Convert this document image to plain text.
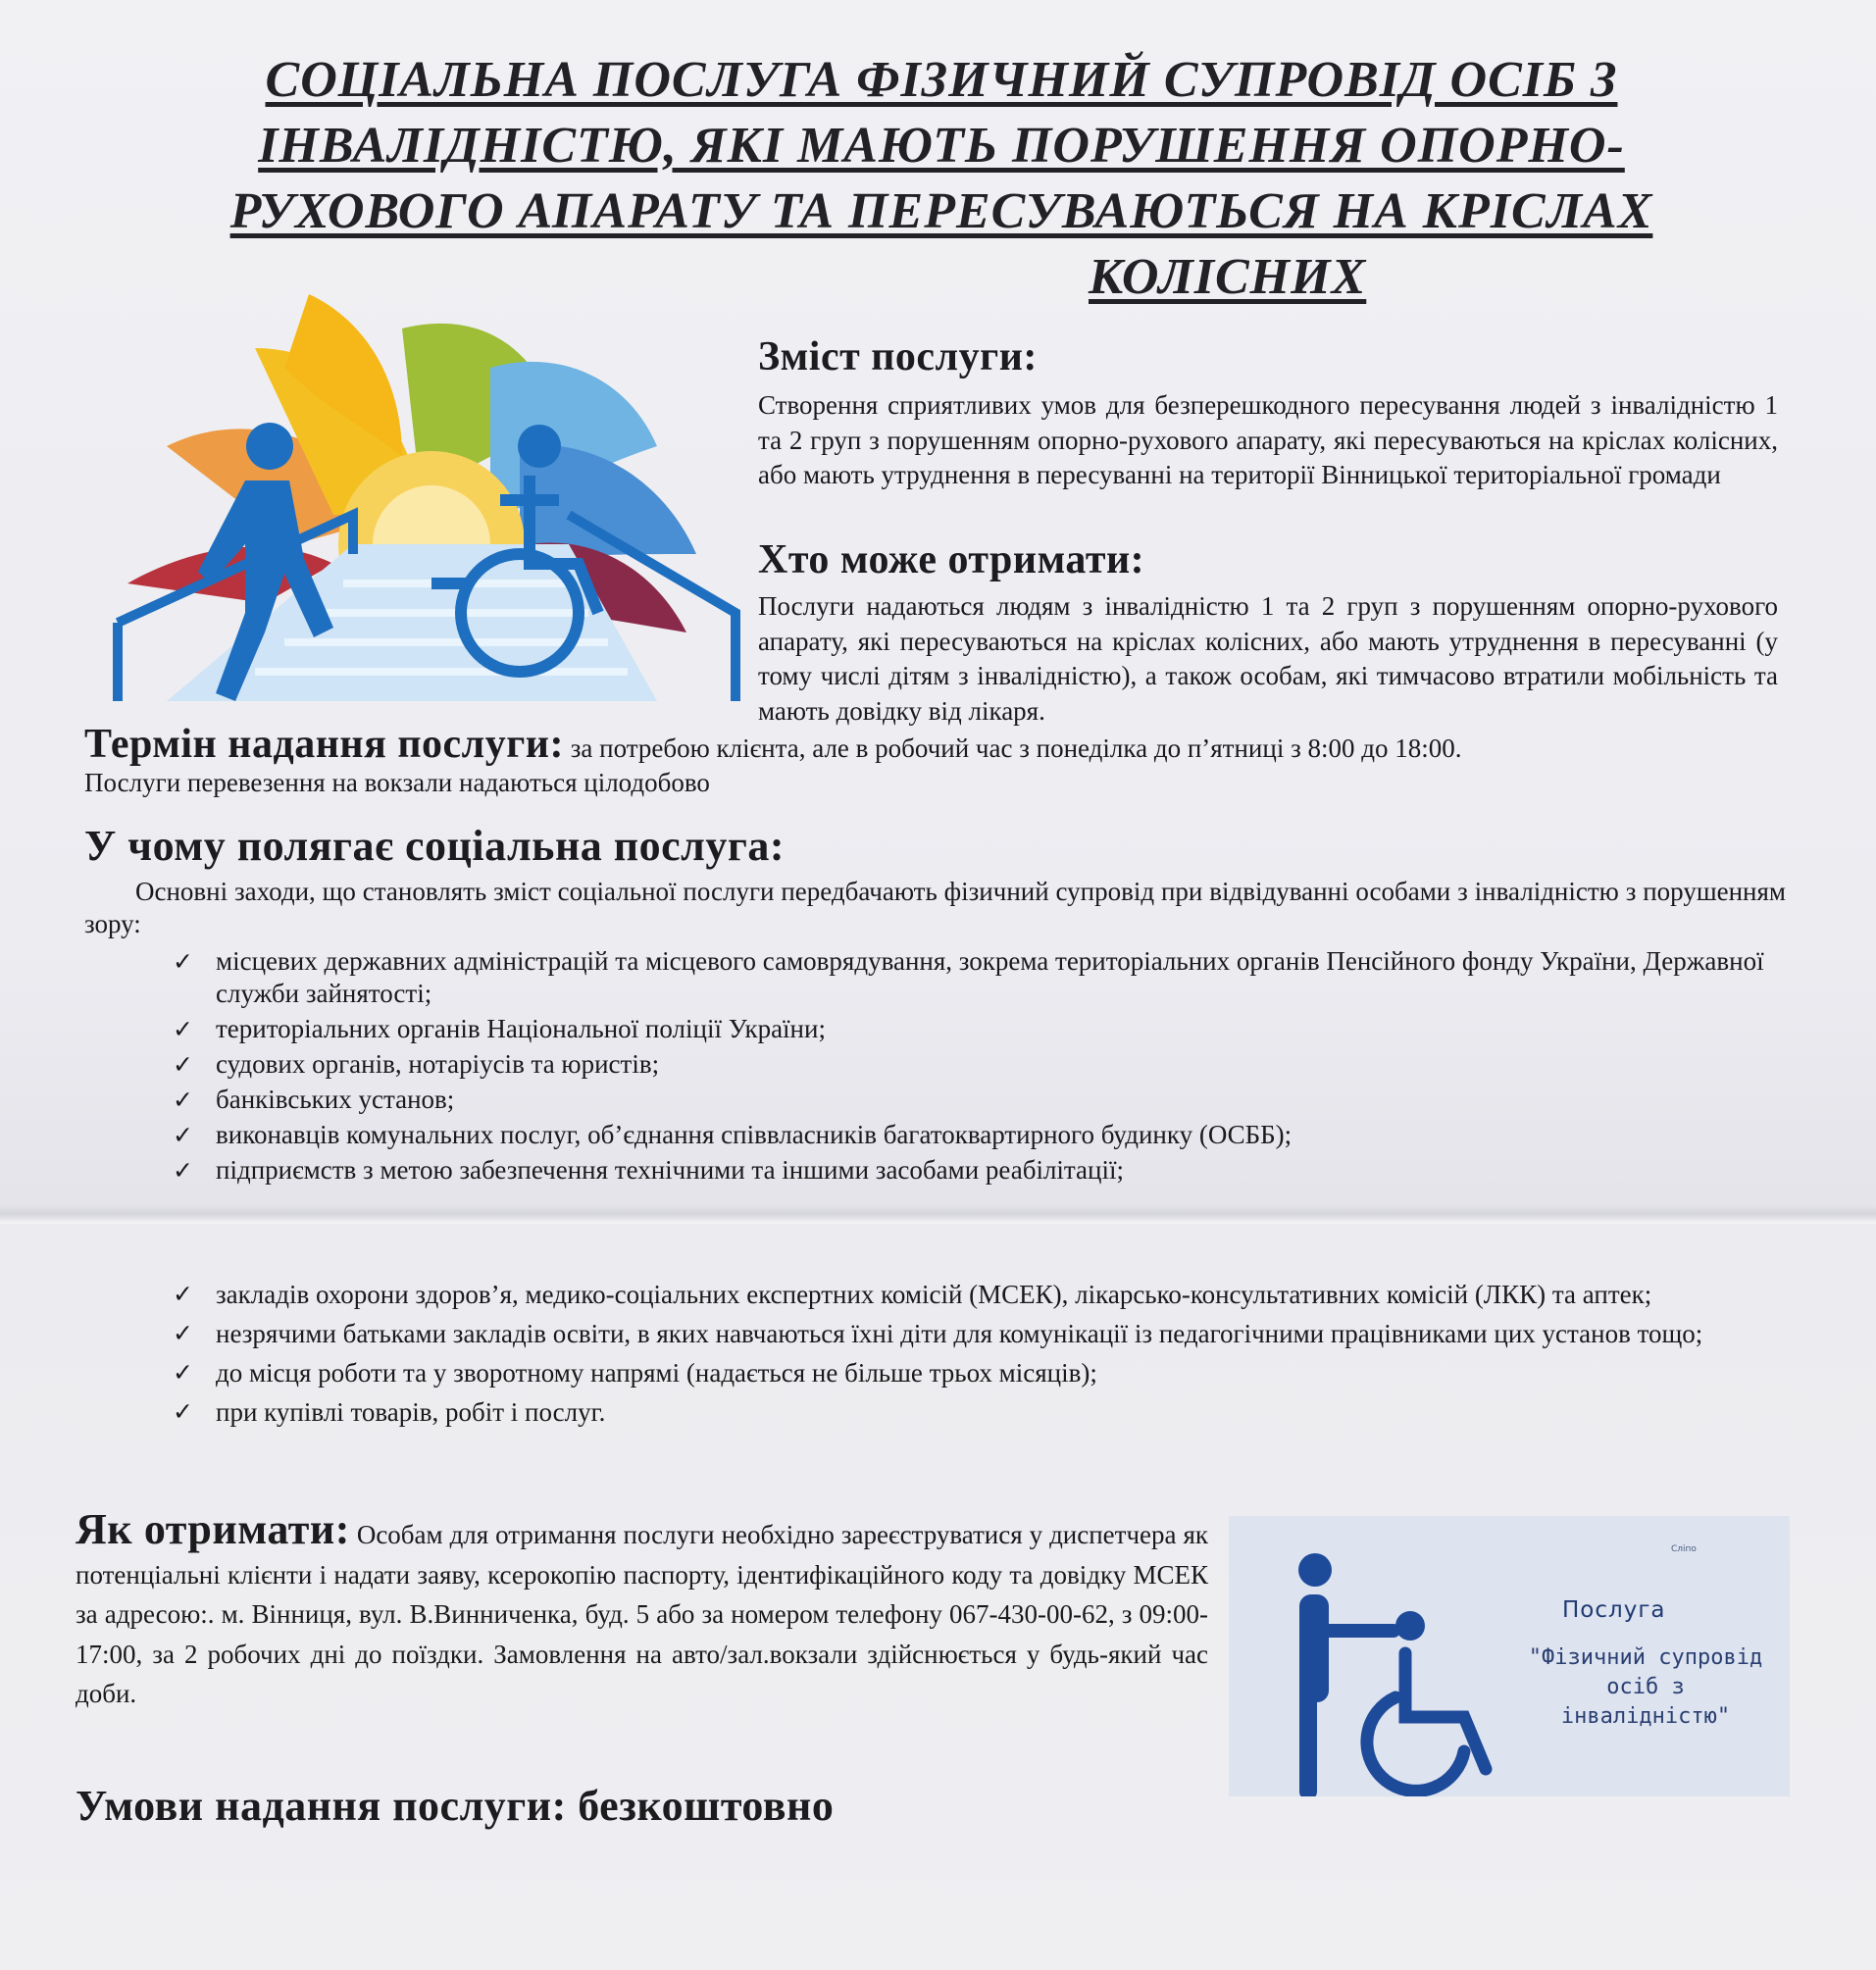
СОЦІАЛЬНА ПОСЛУГА ФІЗИЧНИЙ СУПРОВІД ОСІБ З
ІНВАЛІДНІСТЮ, ЯКІ МАЮТЬ ПОРУШЕННЯ ОПОРНО-
РУХОВОГО АПАРАТУ ТА ПЕРЕСУВАЮТЬСЯ НА КРІСЛАХ
КОЛІСНИХ
Зміст послуги:

Створення сприятливих умов для безперешкодного пересування людей з інвалідністю 1 та 2 груп з порушенням опорно-рухового апарату, які пересуваються на кріслах колісних, або мають утруднення в пересуванні на території Вінницької територіальної громади

Хто може отримати:

Послуги надаються людям з інвалідністю 1 та 2 груп з порушенням опорно-рухового апарату, які пересуваються на кріслах колісних, або мають утруднення в пересуванні (у тому числі дітям з інвалідністю), а також особам, які тимчасово втратили мобільність та мають довідку від лікаря.

Термін надання послуги: за потребою клієнта, але в робочий час з понеділка до п’ятниці з 8:00 до 18:00.
Послуги перевезення на вокзали надаються цілодобово
У чому полягає соціальна послуга:

Основні заходи, що становлять зміст соціальної послуги передбачають фізичний супровід при відвідуванні особами з інвалідністю з порушенням зору:

✓ місцевих державних адміністрацій та місцевого самоврядування, зокрема територіальних органів Пенсійного фонду України, Державної служби зайнятості;
✓ територіальних органів Національної поліції України;
✓ судових органів, нотаріусів та юристів;
✓ банківських установ;
✓ виконавців комунальних послуг, об’єднання співвласників багатоквартирного будинку (ОСББ);
✓ підприємств з метою забезпечення технічними та іншими засобами реабілітації;
✓ закладів охорони здоров’я, медико-соціальних експертних комісій (МСЕК), лікарсько-консультативних комісій (ЛКК) та аптек;
✓ незрячими батьками закладів освіти, в яких навчаються їхні діти для комунікації із педагогічними працівниками цих установ тощо;
✓ до місця роботи та у зворотному напрямі (надається не більше трьох місяців);
✓ при купівлі товарів, робіт і послуг.
Як отримати: Особам для отримання послуги необхідно зареєструватися у диспетчера як потенціальні клієнти і надати заяву, ксерокопію паспорту, ідентифікаційного коду та довідку МСЕК за адресою:. м. Вінниця, вул. В.Винниченка, буд. 5 або за номером телефону 067-430-00-62, з 09:00-17:00, за 2 робочих дні до поїздки. Замовлення на авто/зал.вокзали здійснюється у будь-який час доби.
Сліпо
Послуга
"Фізичний супровід осіб з інвалідністю"
Умови надання послуги: безкоштовно
